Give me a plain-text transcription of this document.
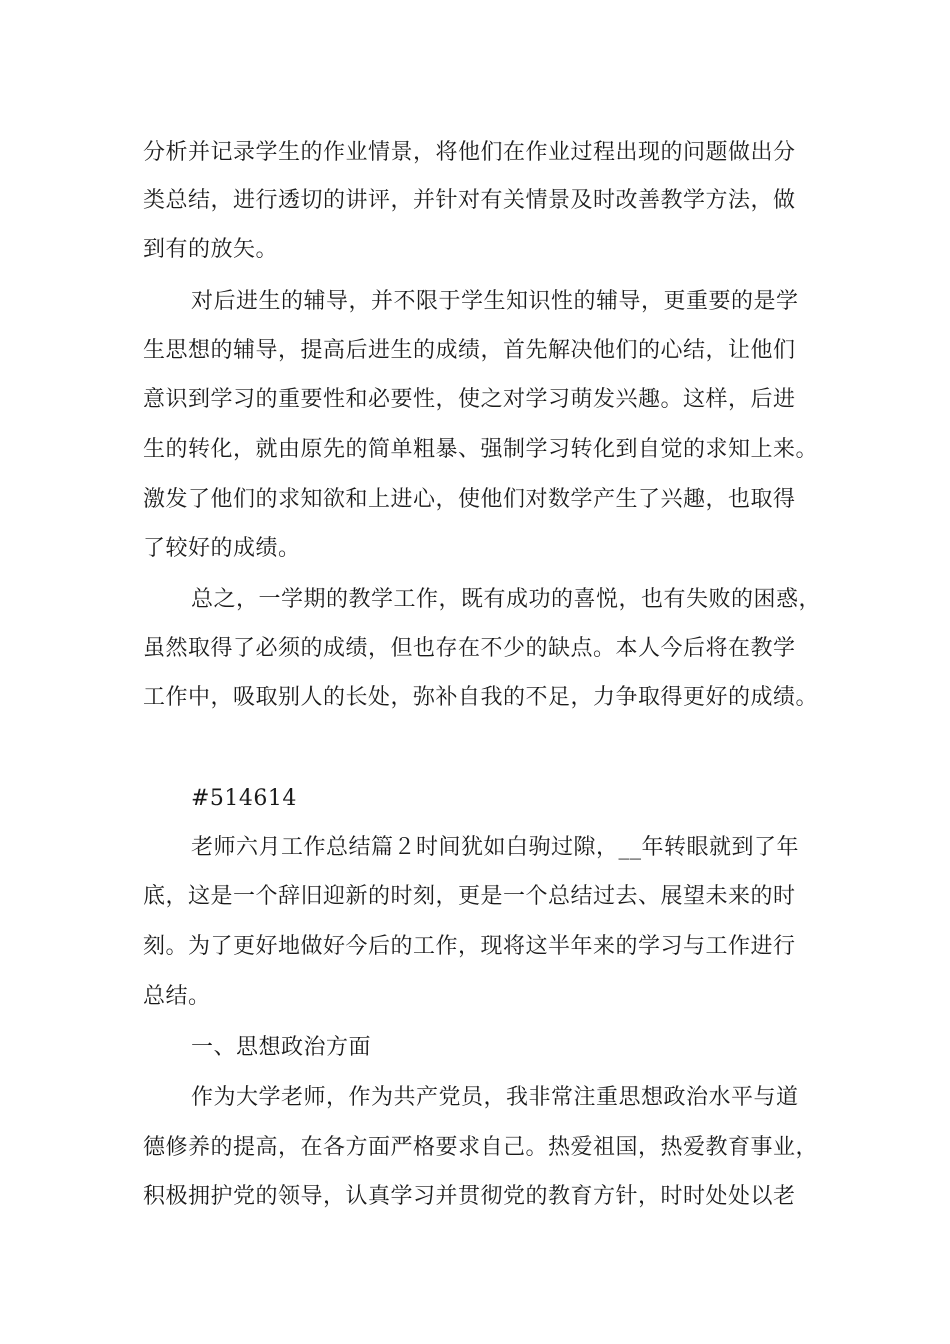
分析并记录学生的作业情景，将他们在作业过程出现的问题做出分
类总结，进行透切的讲评，并针对有关情景及时改善教学方法，做
到有的放矢。
对后进生的辅导，并不限于学生知识性的辅导，更重要的是学
生思想的辅导，提高后进生的成绩，首先解决他们的心结，让他们
意识到学习的重要性和必要性，使之对学习萌发兴趣。这样，后进
生的转化，就由原先的简单粗暴、强制学习转化到自觉的求知上来。
激发了他们的求知欲和上进心，使他们对数学产生了兴趣，也取得
了较好的成绩。
总之，一学期的教学工作，既有成功的喜悦，也有失败的困惑，
虽然取得了必须的成绩，但也存在不少的缺点。本人今后将在教学
工作中，吸取别人的长处，弥补自我的不足，力争取得更好的成绩。
#514614
老师六月工作总结篇２时间犹如白驹过隙，__年转眼就到了年
底，这是一个辞旧迎新的时刻，更是一个总结过去、展望未来的时
刻。为了更好地做好今后的工作，现将这半年来的学习与工作进行
总结。
一、思想政治方面
作为大学老师，作为共产党员，我非常注重思想政治水平与道
德修养的提高，在各方面严格要求自己。热爱祖国，热爱教育事业，
积极拥护党的领导，认真学习并贯彻党的教育方针，时时处处以老
